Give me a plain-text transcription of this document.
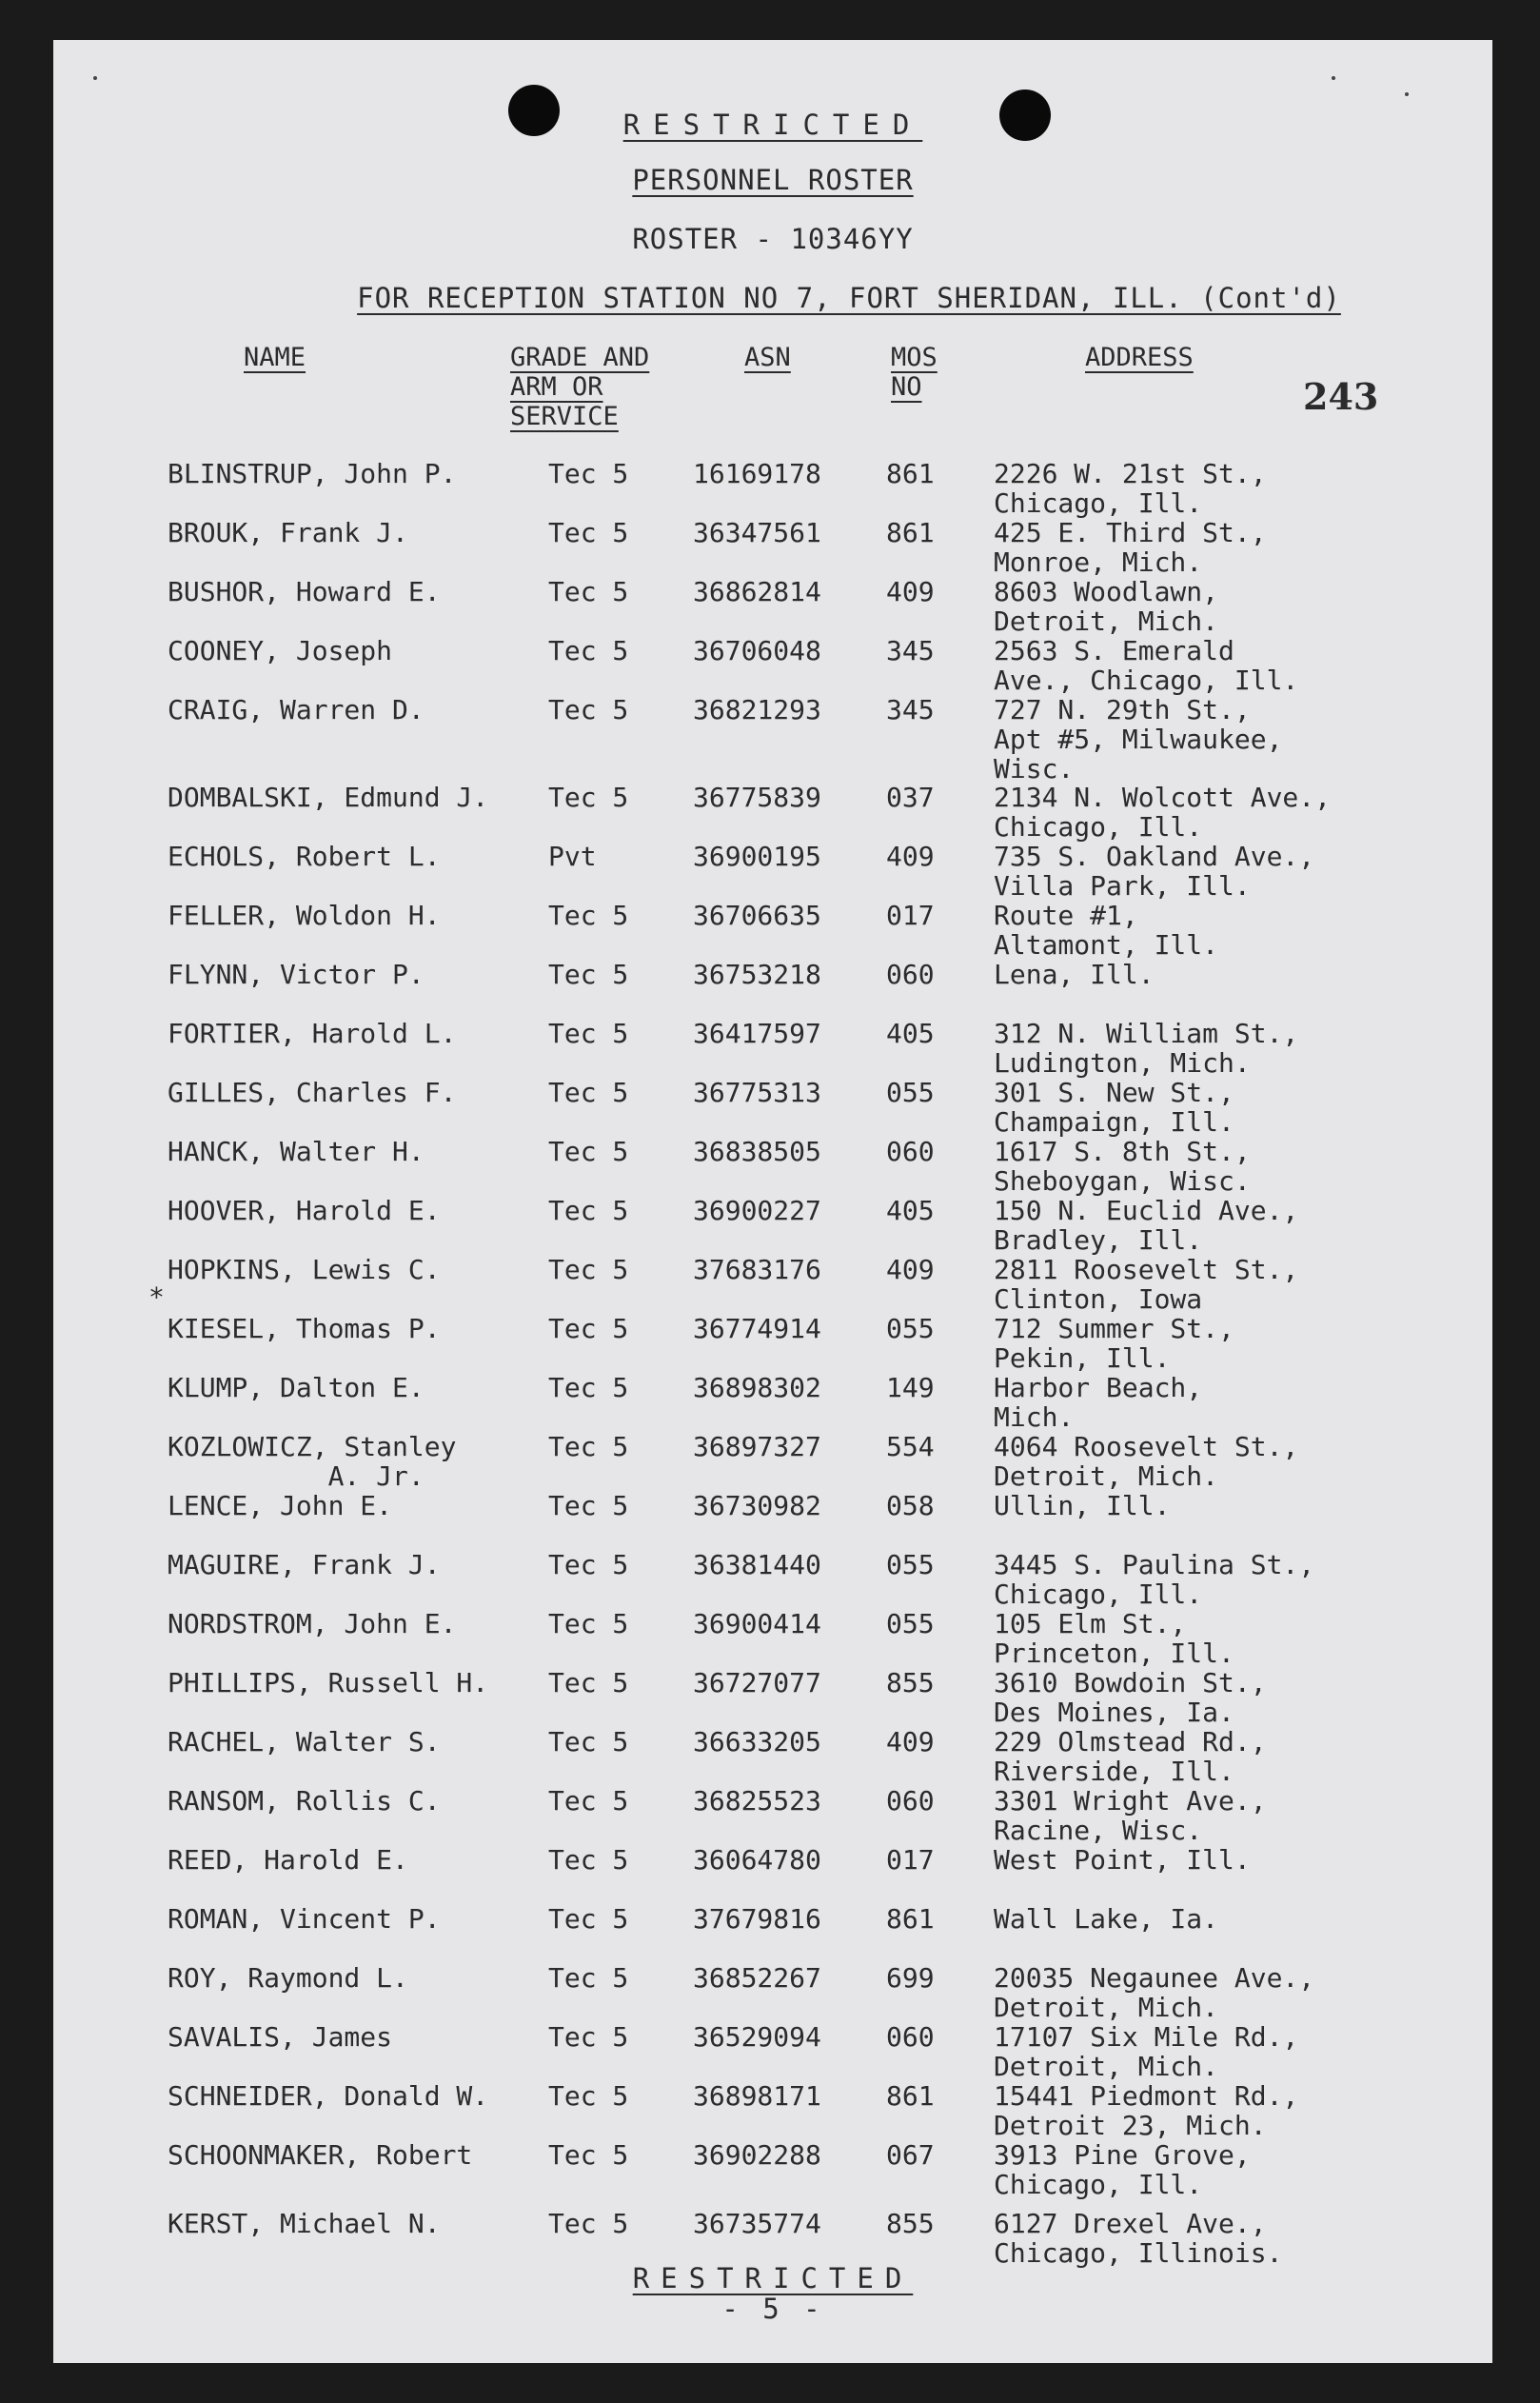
RESTRICTED
PERSONNEL ROSTER
ROSTER - 10346YY
FOR RECEPTION STATION NO 7, FORT SHERIDAN, ILL. (Cont'd)
NAME	GRADE AND
ARM OR
SERVICE
ASN	MOS
NO
ADDRESS
243
BLINSTRUP, John P.	Tec 5 16169178 861 2226 W. 21st St.,
Chicago, Ill.
BROUK, Frank J.	Tec 5 36347561 861 425 E. Third St.,
Monroe, Mich.
BUSHOR, Howard E.	Tec 5 36862814 409 8603 Woodlawn,
Detroit, Mich.
COONEY, Joseph	Tec 5 36706048 345 2563 S. Emerald
Ave., Chicago, Ill.
CRAIG, Warren D.	Tec 5 36821293 345 727 N. 29th St.,
Apt #5, Milwaukee,
Wisc.
DOMBALSKI, Edmund J. Tec 5 36775839 037 2134 N. Wolcott Ave.,
Chicago, Ill.
ECHOLS, Robert L.	Pvt	36900195 409 735 S. Oakland Ave.,
Villa Park, Ill.
FELLER, Woldon H.	Tec 5 36706635 017 Route #1,
Altamont, Ill.
FLYNN, Victor P.	Tec 5 36753218 060 Lena, Ill.
FORTIER, Harold L.	Tec 5 36417597 405 312 N. William St.,
Ludington, Mich.
GILLES, Charles F.	Tec 5 36775313 055 301 S. New St.,
Champaign, Ill.
HANCK, Walter H.	Tec 5 36838505 060 1617 S. 8th St.,
Sheboygan, Wisc.
HOOVER, Harold E.	Tec 5 36900227 405 150 N. Euclid Ave.,
Bradley, Ill.
HOPKINS, Lewis C.	Tec 5 37683176 409 2811 Roosevelt St.,
Clinton, Iowa
KIESEL, Thomas P.	Tec 5 36774914 055 712 Summer St.,
Pekin, Ill.
KLUMP, Dalton E.	Tec 5 36898302 149 Harbor Beach,
Mich.
KOZLOWICZ, Stanley
A. Jr.
Tec 5 36897327 554 4064 Roosevelt St.,
Detroit, Mich.
LENCE, John E.	Tec 5 36730982 058 Ullin, Ill.
MAGUIRE, Frank J.	Tec 5 36381440 055 3445 S. Paulina St.,
Chicago, Ill.
NORDSTROM, John E.	Tec 5 36900414 055 105 Elm St.,
Princeton, Ill.
PHILLIPS, Russell H. Tec 5 36727077 855 3610 Bowdoin St.,
Des Moines, Ia.
RACHEL, Walter S.	Tec 5 36633205 409 229 Olmstead Rd.,
Riverside, Ill.
RANSOM, Rollis C.	Tec 5 36825523 060 3301 Wright Ave.,
Racine, Wisc.
REED, Harold E.	Tec 5 36064780 017 West Point, Ill.
ROMAN, Vincent P.	Tec 5 37679816 861 Wall Lake, Ia.
ROY, Raymond L.	Tec 5 36852267 699 20035 Negaunee Ave.,
Detroit, Mich.
SAVALIS, James	Tec 5 36529094 060 17107 Six Mile Rd.,
Detroit, Mich.
SCHNEIDER, Donald W. Tec 5 36898171 861 15441 Piedmont Rd.,
Detroit 23, Mich.
SCHOONMAKER, Robert	Tec 5 36902288 067 3913 Pine Grove,
Chicago, Ill.
KERST, Michael N.	Tec 5 36735774 855 6127 Drexel Ave.,
Chicago, Illinois.
*
RESTRICTED
- 5 -
